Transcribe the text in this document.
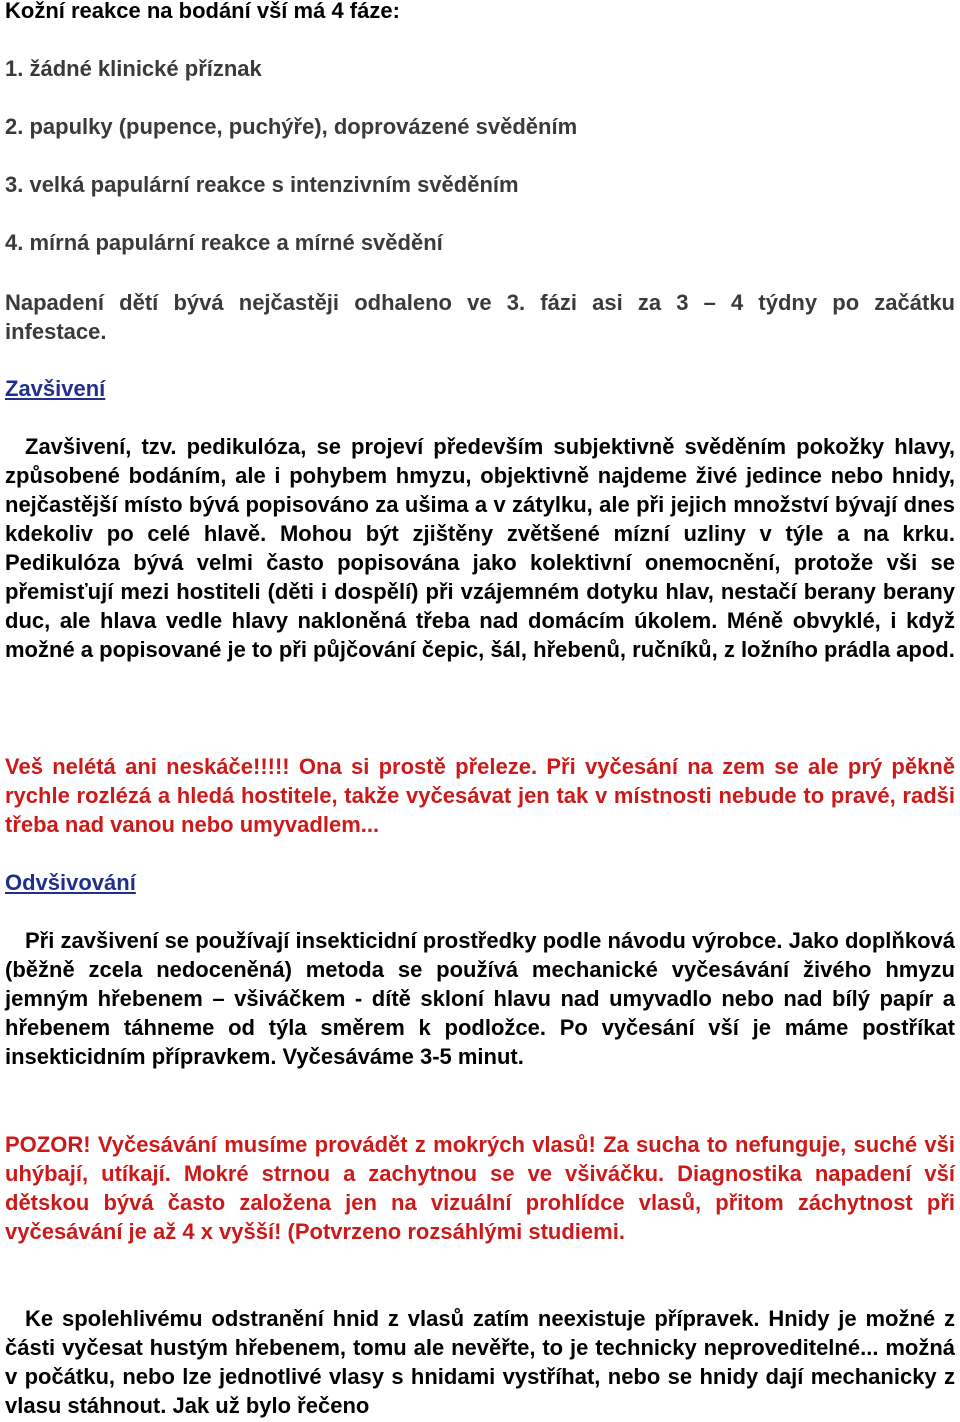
Kožní reakce na bodání vší má 4 fáze:
1. žádné klinické příznak
2. papulky (pupence, puchýře), doprovázené svěděním
3. velká papulární reakce s intenzivním svěděním
4. mírná papulární reakce a mírné svědění
Napadení dětí bývá nejčastěji odhaleno ve 3. fázi asi za 3 – 4 týdny po začátku
infestace.
Zavšivení
Zavšivení, tzv. pedikulóza, se projeví především subjektivně svěděním pokožky hlavy, způsobené bodáním, ale i pohybem hmyzu, objektivně najdeme živé jedince nebo hnidy, nejčastější místo bývá popisováno za ušima a v zátylku, ale při jejich množství bývají dnes kdekoliv po celé hlavě. Mohou být zjištěny zvětšené mízní uzliny v týle a na krku. Pedikulóza bývá velmi často popisována jako kolektivní onemocnění, protože vši se přemisťují mezi hostiteli (děti i dospělí) při vzájemném dotyku hlav, nestačí berany berany duc, ale hlava vedle hlavy nakloněná třeba nad domácím úkolem. Méně obvyklé, i když možné a popisované je to při půjčování čepic, šál, hřebenů, ručníků, z ložního prádla apod.
Veš nelétá ani neskáče!!!!! Ona si prostě přeleze. Při vyčesání na zem se ale prý pěkně rychle rozlézá a hledá hostitele, takže vyčesávat jen tak v místnosti nebude to pravé, radši třeba nad vanou nebo umyvadlem...
Odvšivování
Při zavšivení se používají insekticidní prostředky podle návodu výrobce. Jako doplňková (běžně zcela nedoceněná) metoda se používá mechanické vyčesávání živého hmyzu jemným hřebenem – všiváčkem - dítě skloní hlavu nad umyvadlo nebo nad bílý papír a hřebenem táhneme od týla směrem k podložce. Po vyčesání vší je máme postříkat insekticidním přípravkem. Vyčesáváme 3-5 minut.
POZOR! Vyčesávání musíme provádět z mokrých vlasů! Za sucha to nefunguje, suché vši uhýbají, utíkají. Mokré strnou a zachytnou se ve všiváčku. Diagnostika napadení vší dětskou bývá často založena jen na vizuální prohlídce vlasů, přitom záchytnost při vyčesávání je až 4 x vyšší! (Potvrzeno rozsáhlými studiemi.
Ke spolehlivému odstranění hnid z vlasů zatím neexistuje přípravek. Hnidy je možné z části vyčesat hustým hřebenem, tomu ale nevěřte, to je technicky neproveditelné... možná v počátku, nebo lze jednotlivé vlasy s hnidami vystříhat, nebo se hnidy dají mechanicky z vlasu stáhnout. Jak už bylo řečeno
